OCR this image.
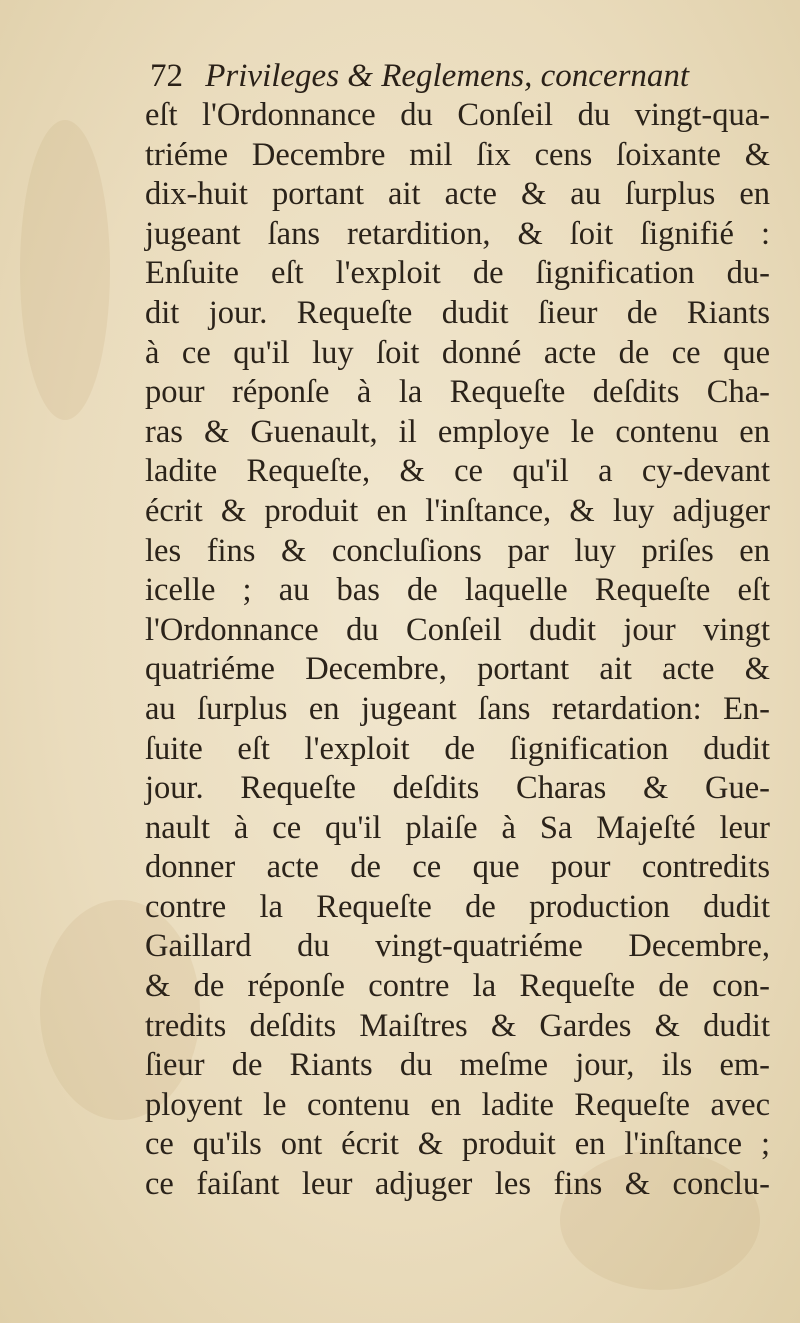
72 Privileges & Reglemens, concernant
eſt l'Ordonnance du Conſeil du vingt-qua-
triéme Decembre mil ſix cens ſoixante &
dix-huit portant ait acte & au ſurplus en
jugeant ſans retardition, & ſoit ſignifié :
Enſuite eſt l'exploit de ſignification du-
dit jour. Requeſte dudit ſieur de Riants
à ce qu'il luy ſoit donné acte de ce que
pour réponſe à la Requeſte deſdits Cha-
ras & Guenault, il employe le contenu en
ladite Requeſte, & ce qu'il a cy-devant
écrit & produit en l'inſtance, & luy adjuger
les fins & concluſions par luy priſes en
icelle ; au bas de laquelle Requeſte eſt
l'Ordonnance du Conſeil dudit jour vingt
quatriéme Decembre, portant ait acte &
au ſurplus en jugeant ſans retardation: En-
ſuite eſt l'exploit de ſignification dudit
jour. Requeſte deſdits Charas & Gue-
nault à ce qu'il plaiſe à Sa Majeſté leur
donner acte de ce que pour contredits
contre la Requeſte de production dudit
Gaillard du vingt-quatriéme Decembre,
& de réponſe contre la Requeſte de con-
tredits deſdits Maiſtres & Gardes & dudit
ſieur de Riants du meſme jour, ils em-
ployent le contenu en ladite Requeſte avec
ce qu'ils ont écrit & produit en l'inſtance ;
ce faiſant leur adjuger les fins & conclu-
